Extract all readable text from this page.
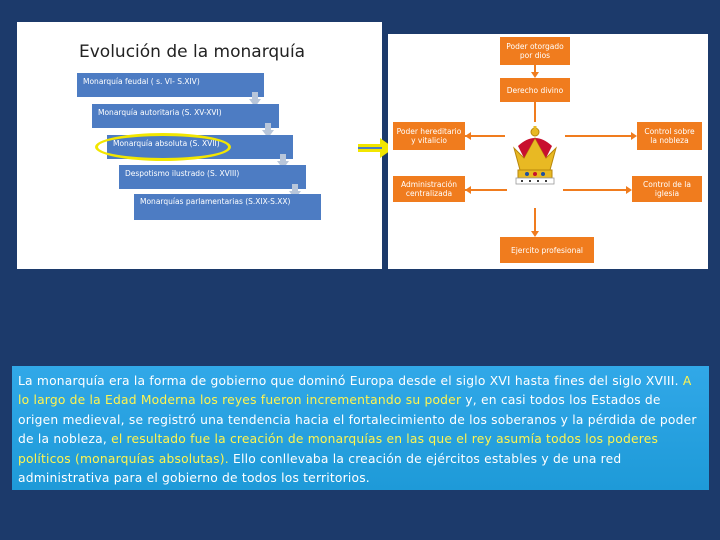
Evolución de la monarquía
Monarquía feudal ( s. VI- S.XIV)
Monarquía autoritaria (S. XV-XVI)
Monarquía absoluta (S. XVII)
Despotismo ilustrado (S. XVIII)
Monarquías parlamentarias (S.XIX-S.XX)
Poder otorgado por dios
Derecho divino
Poder hereditario y vitalicio
Control sobre la nobleza
Administración centralizada
Control de la iglesia
Ejercito profesional
La monarquía era la forma de gobierno que dominó Europa desde el siglo XVI hasta fines del siglo XVIII. A lo largo de la Edad Moderna los reyes fueron incrementando su poder y, en casi todos los Estados de origen medieval, se registró una tendencia hacia el fortalecimiento de los soberanos y la pérdida de poder de la nobleza, el resultado fue la creación de monarquías en las que el rey asumía todos los poderes políticos (monarquías absolutas). Ello conllevaba la creación de ejércitos estables y de una red administrativa para el gobierno de todos los territorios.
